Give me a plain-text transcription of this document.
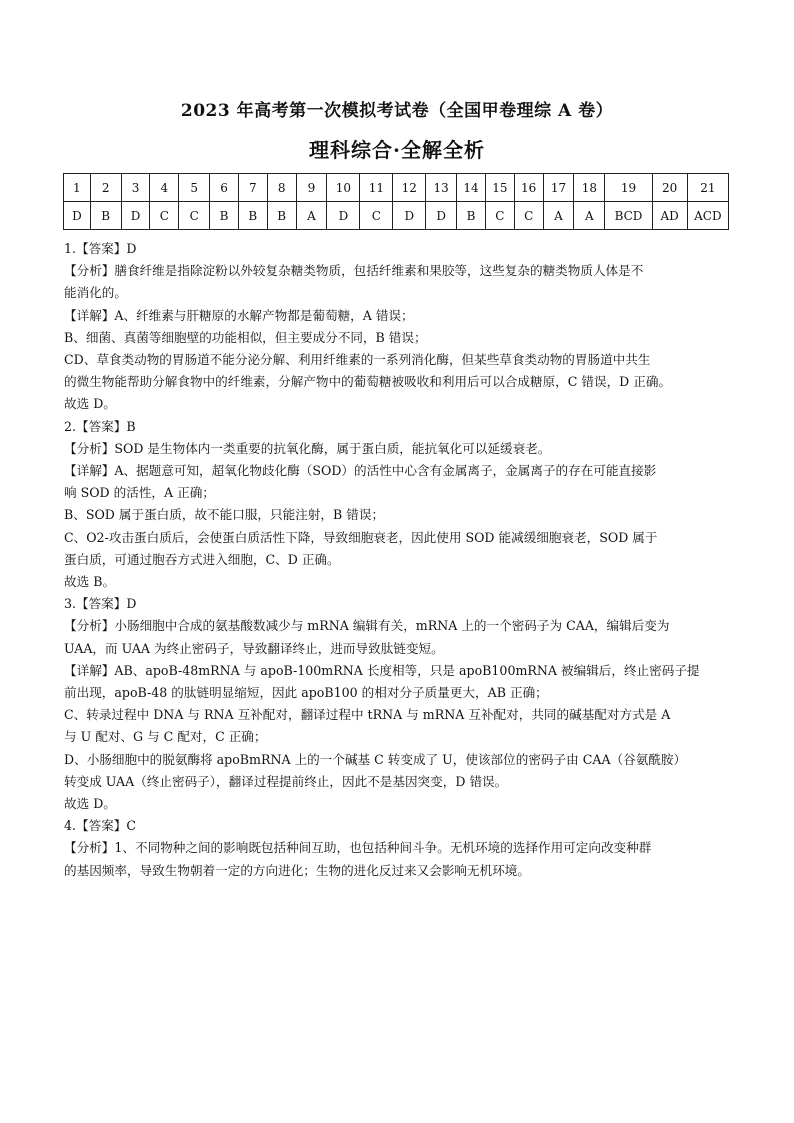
2023 年高考第一次模拟考试卷（全国甲卷理综 A 卷）
理科综合·全解全析
1	2	3	4	5	6	7	8	9	10	11	12	13	14	15	16	17	18	19	20	21
D	B	D	C	C	B	B	B	A	D	C	D	D	B	C	C	A	A	BCD	AD	ACD

1.【答案】D

【分析】膳食纤维是指除淀粉以外较复杂糖类物质，包括纤维素和果胶等，这些复杂的糖类物质人体是不

能消化的。

【详解】A、纤维素与肝糖原的水解产物都是葡萄糖，A 错误；

B、细菌、真菌等细胞壁的功能相似，但主要成分不同，B 错误；

CD、草食类动物的胃肠道不能分泌分解、利用纤维素的一系列消化酶，但某些草食类动物的胃肠道中共生

的微生物能帮助分解食物中的纤维素，分解产物中的葡萄糖被吸收和利用后可以合成糖原，C 错误，D 正确。

故选 D。

2.【答案】B

【分析】SOD 是生物体内一类重要的抗氧化酶，属于蛋白质，能抗氧化可以延缓衰老。

【详解】A、据题意可知，超氧化物歧化酶（SOD）的活性中心含有金属离子，金属离子的存在可能直接影

响 SOD 的活性，A 正确；

B、SOD 属于蛋白质，故不能口服，只能注射，B 错误；

C、O2-攻击蛋白质后，会使蛋白质活性下降，导致细胞衰老，因此使用 SOD 能减缓细胞衰老，SOD 属于

蛋白质，可通过胞吞方式进入细胞，C、D 正确。

故选 B。

3.【答案】D

【分析】小肠细胞中合成的氨基酸数减少与 mRNA 编辑有关，mRNA 上的一个密码子为 CAA，编辑后变为

UAA，而 UAA 为终止密码子，导致翻译终止，进而导致肽链变短。

【详解】AB、apoB-48mRNA 与 apoB-100mRNA 长度相等，只是 apoB100mRNA 被编辑后，终止密码子提

前出现，apoB-48 的肽链明显缩短，因此 apoB100 的相对分子质量更大，AB 正确；

C、转录过程中 DNA 与 RNA 互补配对，翻译过程中 tRNA 与 mRNA 互补配对，共同的碱基配对方式是 A

与 U 配对、G 与 C 配对，C 正确；

D、小肠细胞中的脱氨酶将 apoBmRNA 上的一个碱基 C 转变成了 U，使该部位的密码子由 CAA（谷氨酰胺）

转变成 UAA（终止密码子），翻译过程提前终止，因此不是基因突变，D 错误。

故选 D。

4.【答案】C

【分析】1、不同物种之间的影响既包括种间互助，也包括种间斗争。无机环境的选择作用可定向改变种群

的基因频率，导致生物朝着一定的方向进化；生物的进化反过来又会影响无机环境。
